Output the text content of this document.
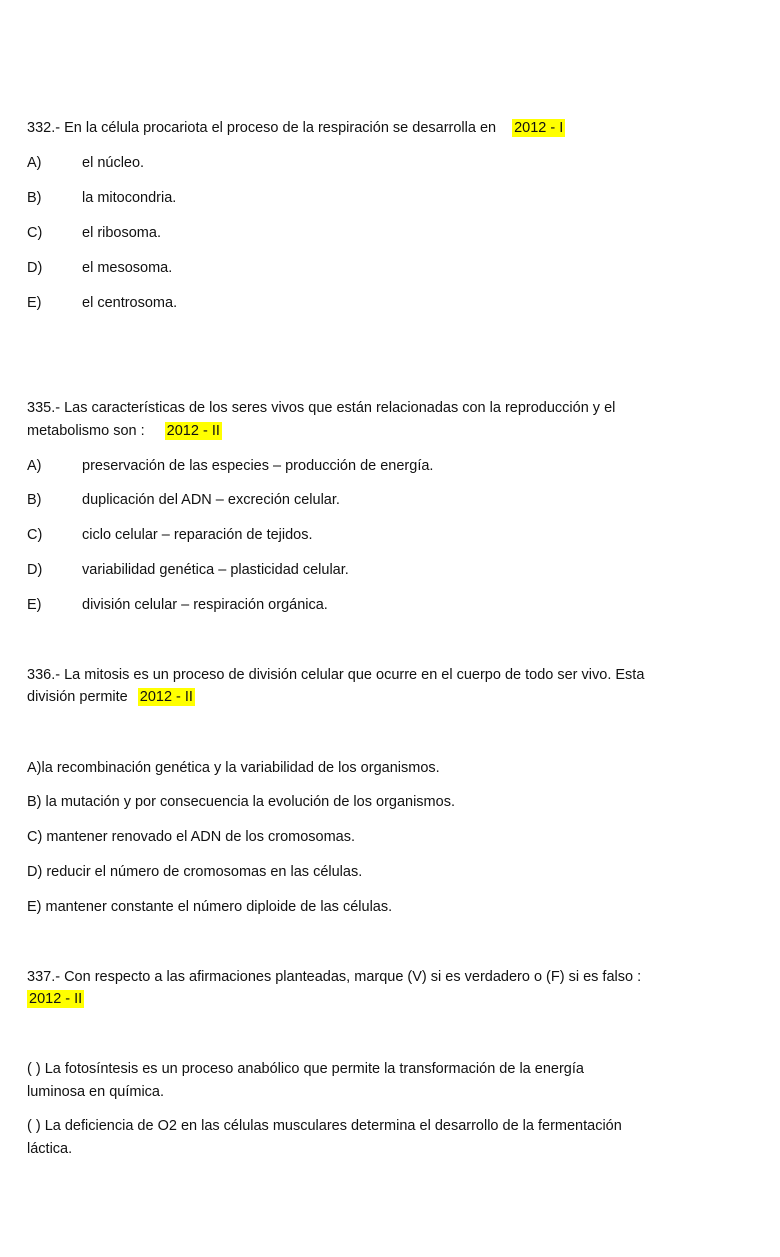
332.- En la célula procariota el proceso de la respiración se desarrolla en 2012 - I
A)	el núcleo.
B)	la mitocondria.
C)	el ribosoma.
D)	el mesosoma.
E)	el centrosoma.
335.- Las características de los seres vivos que están relacionadas con la reproducción y el
metabolismo son : 2012 - II
A)	preservación de las especies – producción de energía.
B)	duplicación del ADN – excreción celular.
C)	ciclo celular – reparación de tejidos.
D)	variabilidad genética – plasticidad celular.
E)	división celular – respiración orgánica.
336.- La mitosis es un proceso de división celular que ocurre en el cuerpo de todo ser vivo. Esta
división permite 2012 - II
A)la recombinación genética y la variabilidad de los organismos.
B) la mutación y por consecuencia la evolución de los organismos.
C) mantener renovado el ADN de los cromosomas.
D) reducir el número de cromosomas en las células.
E) mantener constante el número diploide de las células.
337.- Con respecto a las afirmaciones planteadas, marque (V) si es verdadero o (F) si es falso :
2012 - II
( ) La fotosíntesis es un proceso anabólico que permite la transformación de la energía
luminosa en química.
( ) La deficiencia de O2 en las células musculares determina el desarrollo de la fermentación
láctica.
